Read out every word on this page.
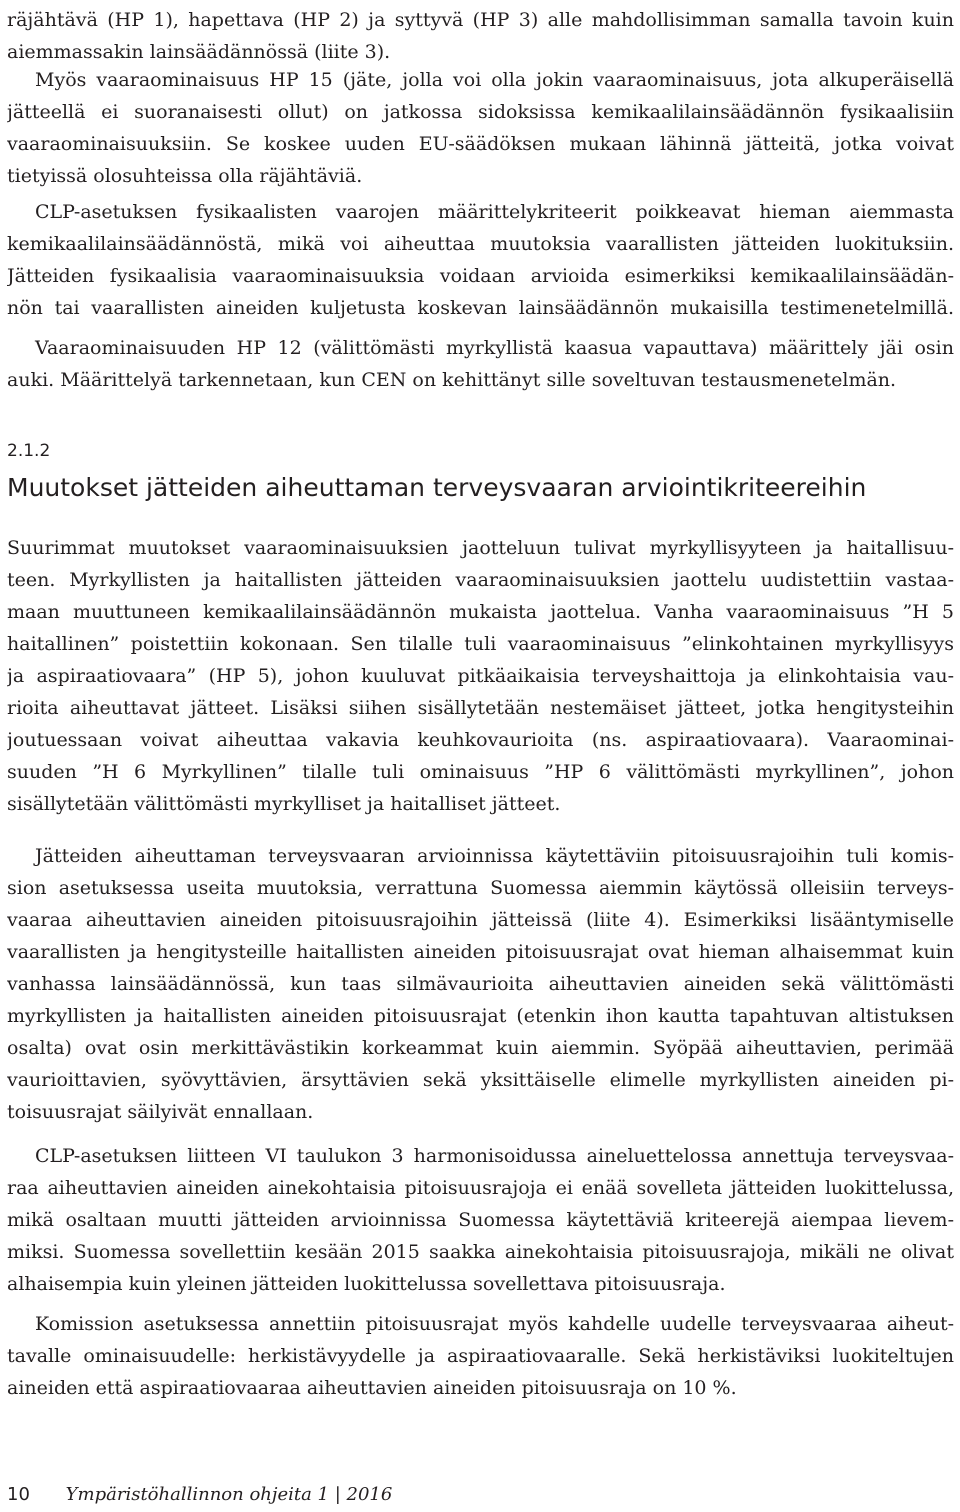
räjähtävä (HP 1), hapettava (HP 2) ja syttyvä (HP 3) alle mahdollisimman samalla tavoin kuin
aiemmassakin lainsäädännössä (liite 3).
Myös vaaraominaisuus HP 15 (jäte, jolla voi olla jokin vaaraominaisuus, jota alkuperäisellä
jätteellä ei suoranaisesti ollut) on jatkossa sidoksissa kemikaalilainsäädännön fysikaalisiin
vaaraominaisuuksiin. Se koskee uuden EU-säädöksen mukaan lähinnä jätteitä, jotka voivat
tietyissä olosuhteissa olla räjähtäviä.
CLP-asetuksen fysikaalisten vaarojen määrittelykriteerit poikkeavat hieman aiemmasta
kemikaalilainsäädännöstä, mikä voi aiheuttaa muutoksia vaarallisten jätteiden luokituksiin.
Jätteiden fysikaalisia vaaraominaisuuksia voidaan arvioida esimerkiksi kemikaalilainsäädän-
nön tai vaarallisten aineiden kuljetusta koskevan lainsäädännön mukaisilla testimenetelmillä.
Vaaraominaisuuden HP 12 (välittömästi myrkyllistä kaasua vapauttava) määrittely jäi osin
auki. Määrittelyä tarkennetaan, kun CEN on kehittänyt sille soveltuvan testausmenetelmän.
2.1.2
Muutokset jätteiden aiheuttaman terveysvaaran arviointikriteereihin
Suurimmat muutokset vaaraominaisuuksien jaotteluun tulivat myrkyllisyyteen ja haitallisuu-
teen. Myrkyllisten ja haitallisten jätteiden vaaraominaisuuksien jaottelu uudistettiin vastaa-
maan muuttuneen kemikaalilainsäädännön mukaista jaottelua. Vanha vaaraominaisuus ”H 5
haitallinen” poistettiin kokonaan. Sen tilalle tuli vaaraominaisuus ”elinkohtainen myrkyllisyys
ja aspiraatiovaara” (HP 5), johon kuuluvat pitkäaikaisia terveyshaittoja ja elinkohtaisia vau-
rioita aiheuttavat jätteet. Lisäksi siihen sisällytetään nestemäiset jätteet, jotka hengitysteihin
joutuessaan voivat aiheuttaa vakavia keuhkovaurioita (ns. aspiraatiovaara). Vaaraominai-
suuden ”H 6 Myrkyllinen” tilalle tuli ominaisuus ”HP 6 välittömästi myrkyllinen”, johon
sisällytetään välittömästi myrkylliset ja haitalliset jätteet.
Jätteiden aiheuttaman terveysvaaran arvioinnissa käytettäviin pitoisuusrajoihin tuli komis-
sion asetuksessa useita muutoksia, verrattuna Suomessa aiemmin käytössä olleisiin terveys-
vaaraa aiheuttavien aineiden pitoisuusrajoihin jätteissä (liite 4). Esimerkiksi lisääntymiselle
vaarallisten ja hengitysteille haitallisten aineiden pitoisuusrajat ovat hieman alhaisemmat kuin
vanhassa lainsäädännössä, kun taas silmävaurioita aiheuttavien aineiden sekä välittömästi
myrkyllisten ja haitallisten aineiden pitoisuusrajat (etenkin ihon kautta tapahtuvan altistuksen
osalta) ovat osin merkittävästikin korkeammat kuin aiemmin. Syöpää aiheuttavien, perimää
vaurioittavien, syövyttävien, ärsyttävien sekä yksittäiselle elimelle myrkyllisten aineiden pi-
toisuusrajat säilyivät ennallaan.
CLP-asetuksen liitteen VI taulukon 3 harmonisoidussa aineluettelossa annettuja terveysvaa-
raa aiheuttavien aineiden ainekohtaisia pitoisuusrajoja ei enää sovelleta jätteiden luokittelussa,
mikä osaltaan muutti jätteiden arvioinnissa Suomessa käytettäviä kriteerejä aiempaa lievem-
miksi. Suomessa sovellettiin kesään 2015 saakka ainekohtaisia pitoisuusrajoja, mikäli ne olivat
alhaisempia kuin yleinen jätteiden luokittelussa sovellettava pitoisuusraja.
Komission asetuksessa annettiin pitoisuusrajat myös kahdelle uudelle terveysvaaraa aiheut-
tavalle ominaisuudelle: herkistävyydelle ja aspiraatiovaaralle. Sekä herkistäviksi luokiteltujen
aineiden että aspiraatiovaaraa aiheuttavien aineiden pitoisuusraja on 10 %.
10 Ympäristöhallinnon ohjeita 1 | 2016
